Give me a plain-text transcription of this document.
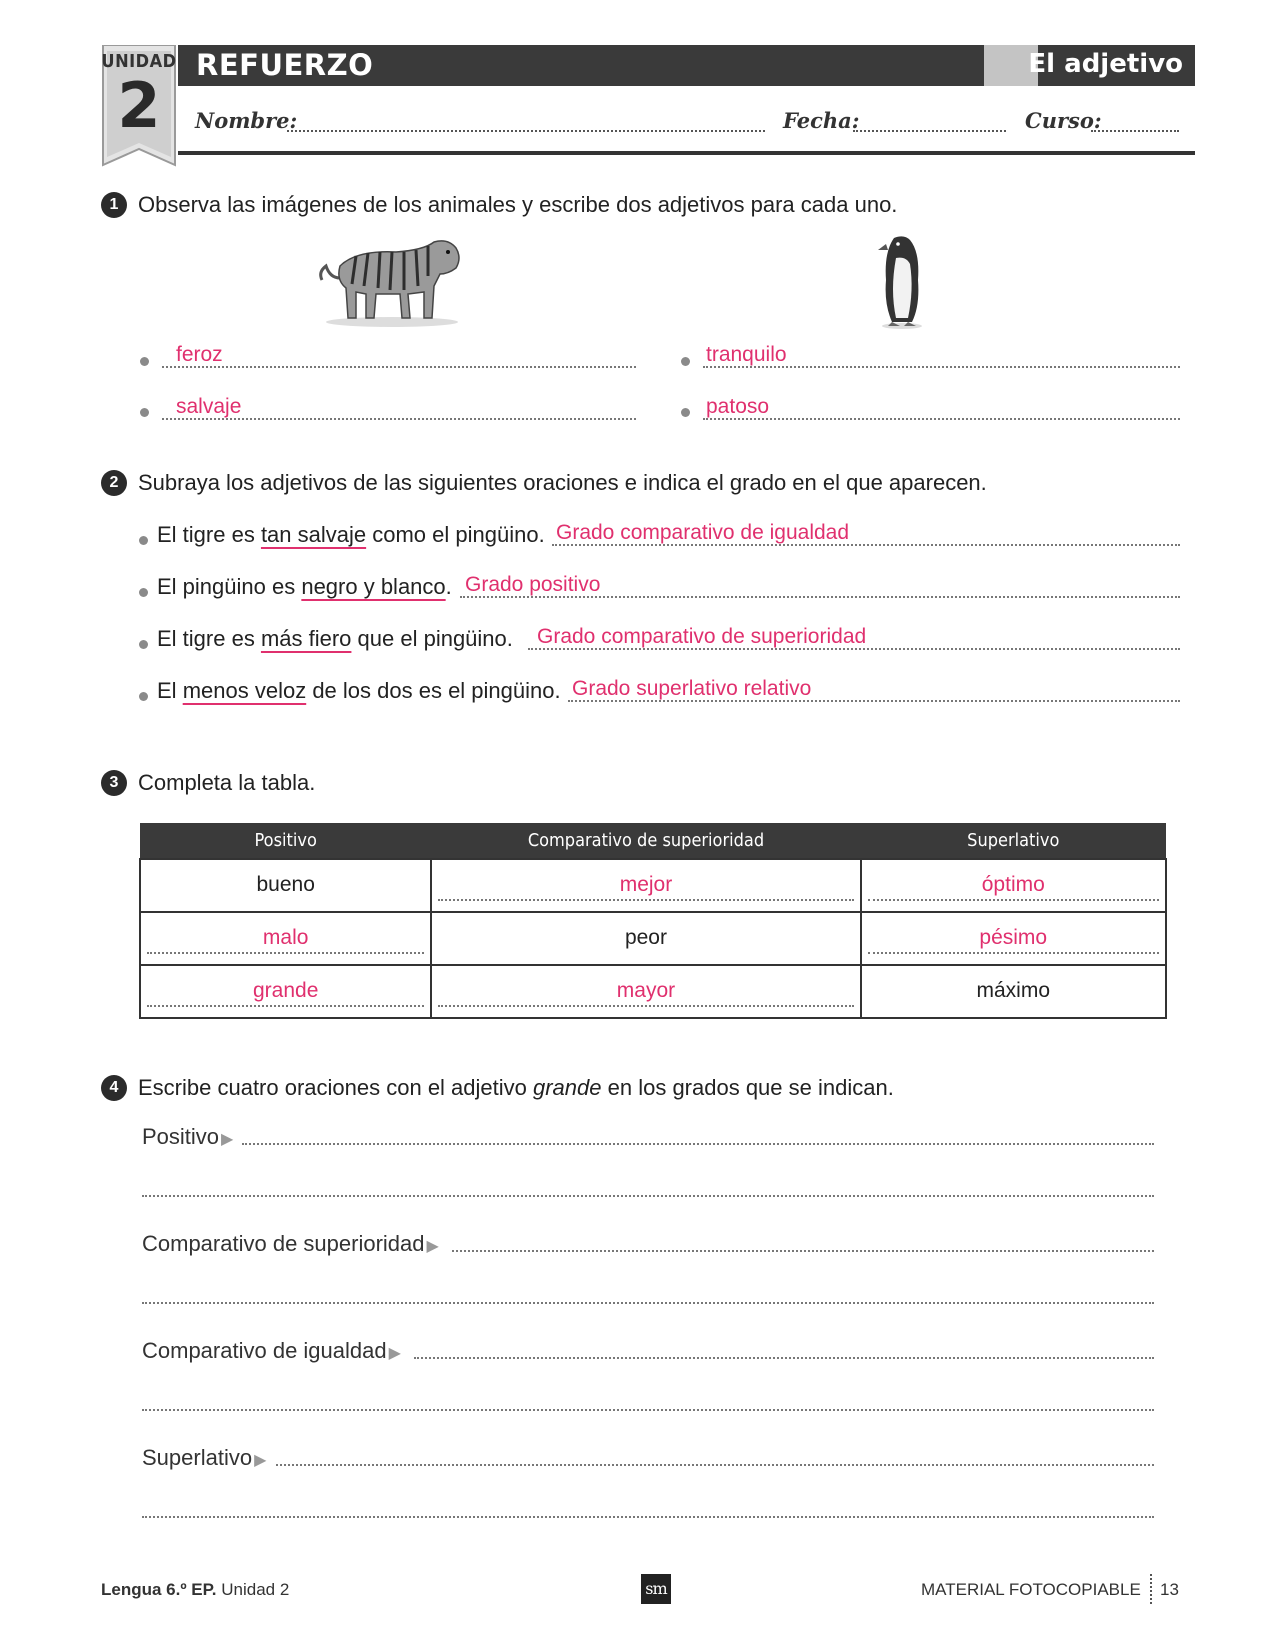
UNIDAD
2
REFUERZO	El adjetivo
Nombre:	Fecha:	Curso:
1 Observa las imágenes de los animales y escribe dos adjetivos para cada uno.
feroz
salvaje
tranquilo
patoso
2 Subraya los adjetivos de las siguientes oraciones e indica el grado en el que aparecen.
El tigre es tan salvaje como el pingüino. Grado comparativo de igualdad
El pingüino es negro y blanco. Grado positivo
El tigre es más fiero que el pingüino. Grado comparativo de superioridad
El menos veloz de los dos es el pingüino. Grado superlativo relativo
3 Completa la tabla.
Positivo	Comparativo de superioridad	Superlativo

bueno	mejor	óptimo

malo	peor	pésimo

grande	mayor	máximo
4 Escribe cuatro oraciones con el adjetivo grande en los grados que se indican.
Positivo ▶
Comparativo de superioridad ▶
Comparativo de igualdad ▶
Superlativo ▶
Lengua 6.º EP. Unidad 2	sm	MATERIAL FOTOCOPIABLE 13
